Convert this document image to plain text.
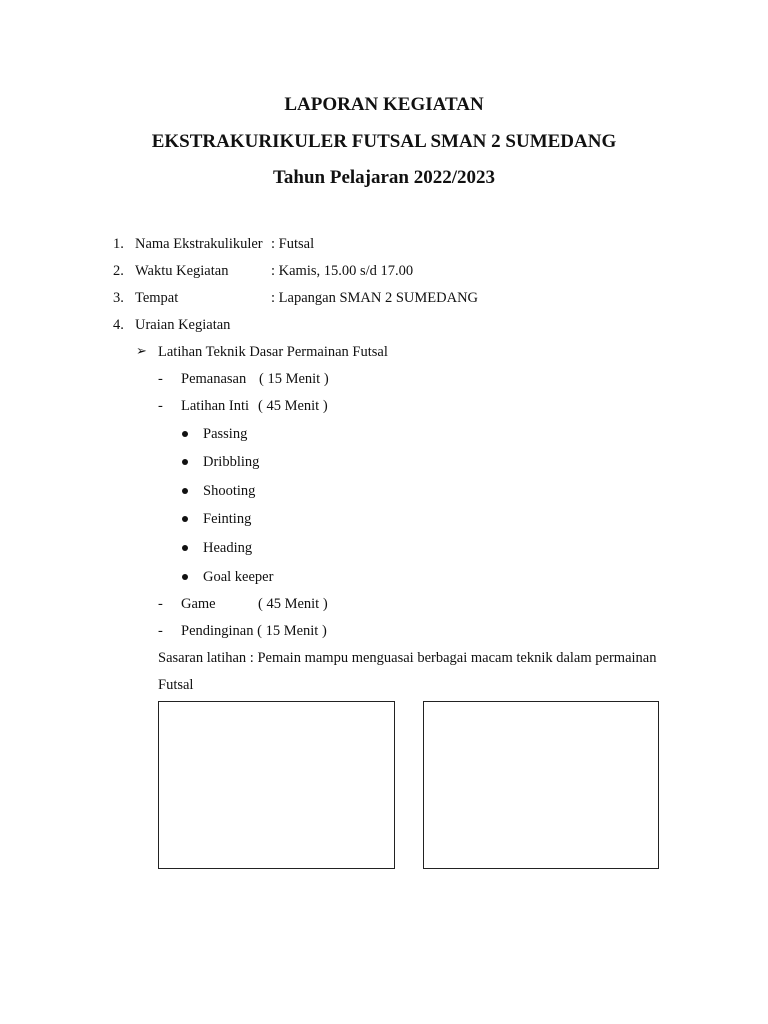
LAPORAN KEGIATAN
EKSTRAKURIKULER FUTSAL SMAN 2 SUMEDANG
Tahun Pelajaran 2022/2023
1. Nama Ekstrakulikuler : Futsal
2. Waktu Kegiatan	: Kamis, 15.00 s/d 17.00
3. Tempat	: Lapangan SMAN 2 SUMEDANG
4. Uraian Kegiatan
➢ Latihan Teknik Dasar Permainan Futsal
- Pemanasan ( 15 Menit )
- Latihan Inti ( 45 Menit )
Passing
Dribbling
Shooting
Feinting
Heading
Goal keeper
- Game	( 45 Menit )
- Pendinginan ( 15 Menit )
Sasaran latihan : Pemain mampu menguasai berbagai macam teknik dalam permainan
Futsal
